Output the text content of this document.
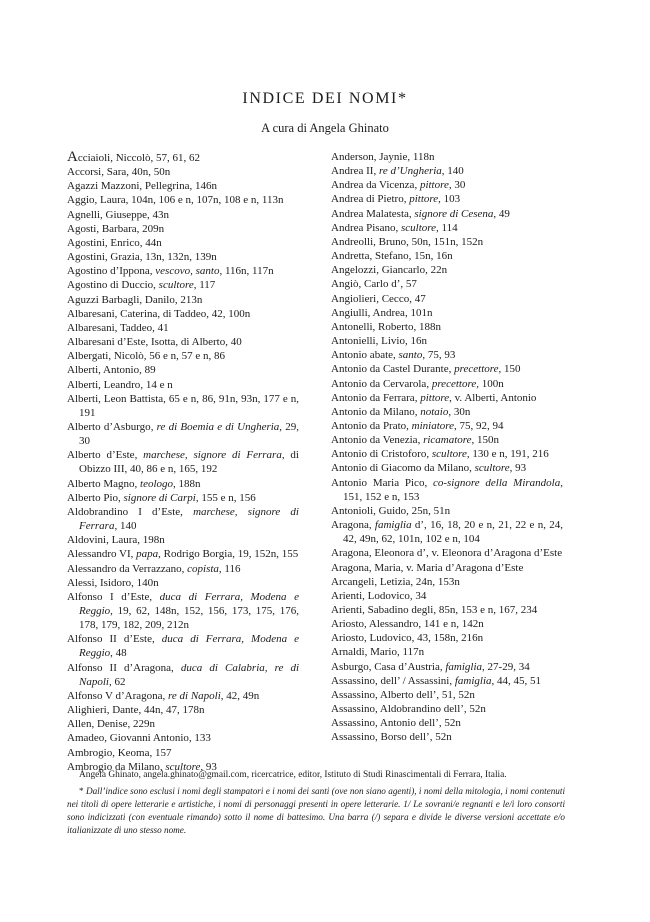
INDICE DEI NOMI*
A cura di Angela Ghinato
Acciaioli, Niccolò, 57, 61, 62
Accorsi, Sara, 40n, 50n
Agazzi Mazzoni, Pellegrina, 146n
Aggio, Laura, 104n, 106 e n, 107n, 108 e n, 113n
Agnelli, Giuseppe, 43n
Agosti, Barbara, 209n
Agostini, Enrico, 44n
Agostini, Grazia, 13n, 132n, 139n
Agostino d’Ippona, vescovo, santo, 116n, 117n
Agostino di Duccio, scultore, 117
Aguzzi Barbagli, Danilo, 213n
Albaresani, Caterina, di Taddeo, 42, 100n
Albaresani, Taddeo, 41
Albaresani d’Este, Isotta, di Alberto, 40
Albergati, Nicolò, 56 e n, 57 e n, 86
Alberti, Antonio, 89
Alberti, Leandro, 14 e n
Alberti, Leon Battista, 65 e n, 86, 91n, 93n, 177 e n, 191
Alberto d’Asburgo, re di Boemia e di Ungheria, 29, 30
Alberto d’Este, marchese, signore di Ferrara, di Obizzo III, 40, 86 e n, 165, 192
Alberto Magno, teologo, 188n
Alberto Pio, signore di Carpi, 155 e n, 156
Aldobrandino I d’Este, marchese, signore di Ferrara, 140
Aldovini, Laura, 198n
Alessandro VI, papa, Rodrigo Borgia, 19, 152n, 155
Alessandro da Verrazzano, copista, 116
Alessi, Isidoro, 140n
Alfonso I d’Este, duca di Ferrara, Modena e Reggio, 19, 62, 148n, 152, 156, 173, 175, 176, 178, 179, 182, 209, 212n
Alfonso II d’Este, duca di Ferrara, Modena e Reggio, 48
Alfonso II d’Aragona, duca di Calabria, re di Napoli, 62
Alfonso V d’Aragona, re di Napoli, 42, 49n
Alighieri, Dante, 44n, 47, 178n
Allen, Denise, 229n
Amadeo, Giovanni Antonio, 133
Ambrogio, Keoma, 157
Ambrogio da Milano, scultore, 93
Anderson, Jaynie, 118n
Andrea II, re d’Ungheria, 140
Andrea da Vicenza, pittore, 30
Andrea di Pietro, pittore, 103
Andrea Malatesta, signore di Cesena, 49
Andrea Pisano, scultore, 114
Andreolli, Bruno, 50n, 151n, 152n
Andretta, Stefano, 15n, 16n
Angelozzi, Giancarlo, 22n
Angiò, Carlo d’, 57
Angiolieri, Cecco, 47
Angiulli, Andrea, 101n
Antonelli, Roberto, 188n
Antonielli, Livio, 16n
Antonio abate, santo, 75, 93
Antonio da Castel Durante, precettore, 150
Antonio da Cervarola, precettore, 100n
Antonio da Ferrara, pittore, v. Alberti, Antonio
Antonio da Milano, notaio, 30n
Antonio da Prato, miniatore, 75, 92, 94
Antonio da Venezia, ricamatore, 150n
Antonio di Cristoforo, scultore, 130 e n, 191, 216
Antonio di Giacomo da Milano, scultore, 93
Antonio Maria Pico, co-signore della Mirandola, 151, 152 e n, 153
Antonioli, Guido, 25n, 51n
Aragona, famiglia d’, 16, 18, 20 e n, 21, 22 e n, 24, 42, 49n, 62, 101n, 102 e n, 104
Aragona, Eleonora d’, v. Eleonora d’Aragona d’Este
Aragona, Maria, v. Maria d’Aragona d’Este
Arcangeli, Letizia, 24n, 153n
Arienti, Lodovico, 34
Arienti, Sabadino degli, 85n, 153 e n, 167, 234
Ariosto, Alessandro, 141 e n, 142n
Ariosto, Ludovico, 43, 158n, 216n
Arnaldi, Mario, 117n
Asburgo, Casa d’Austria, famiglia, 27-29, 34
Assassino, dell’ / Assassini, famiglia, 44, 45, 51
Assassino, Alberto dell’, 51, 52n
Assassino, Aldobrandino dell’, 52n
Assassino, Antonio dell’, 52n
Assassino, Borso dell’, 52n
Angela Ghinato, angela.ghinato@gmail.com, ricercatrice, editor, Istituto di Studi Rinascimentali di Ferrara, Italia.
* Dall’indice sono esclusi i nomi degli stampatori e i nomi dei santi (ove non siano agenti), i nomi della mitologia, i nomi contenuti nei titoli di opere letterarie e artistiche, i nomi di personaggi presenti in opere letterarie. 1/ Le sovrani/e regnanti e le/i loro consorti sono indicizzati (con eventuale rimando) sotto il nome di battesimo. Una barra (/) separa e divide le diverse versioni accettate e/o italianizzate di uno stesso nome.
